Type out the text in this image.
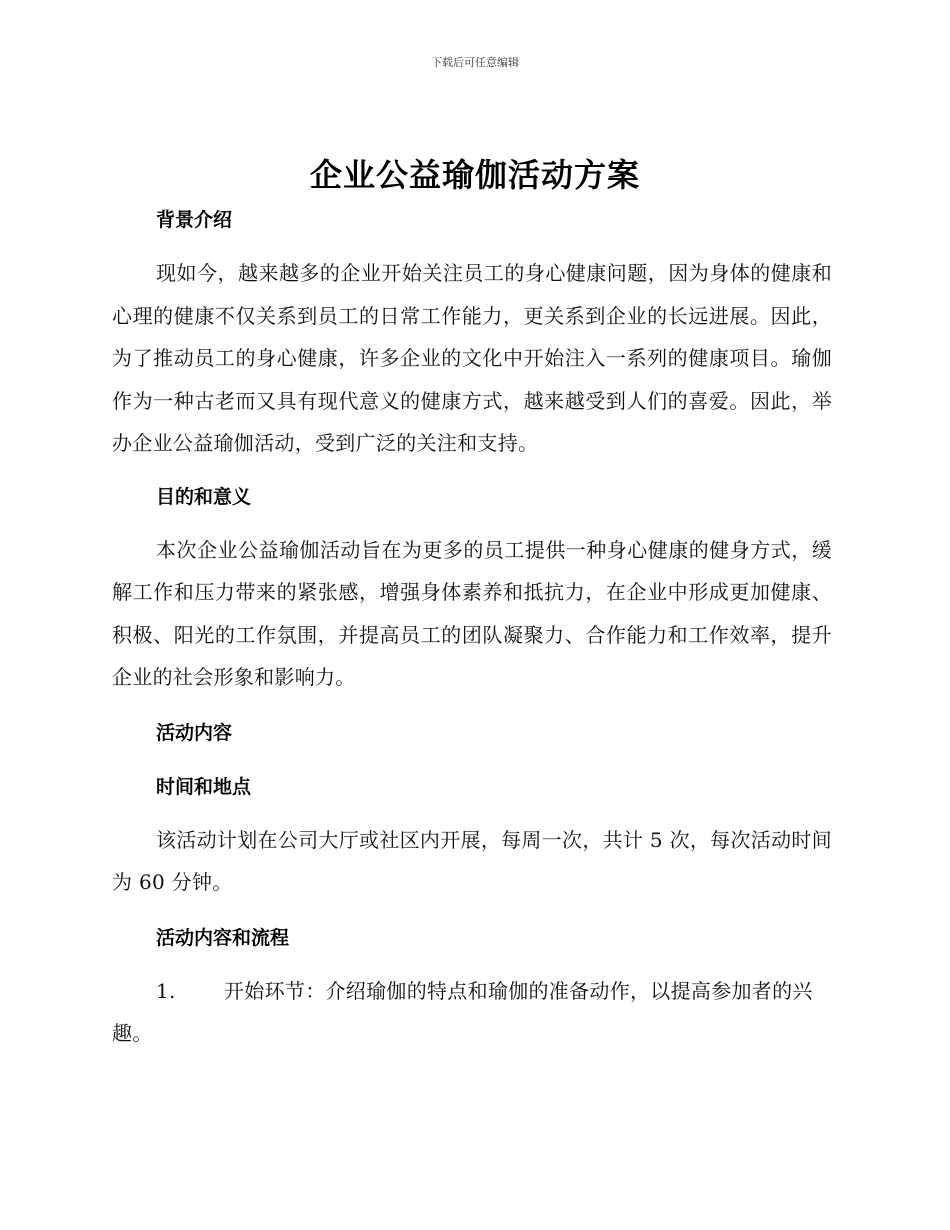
下载后可任意编辑
企业公益瑜伽活动方案

背景介绍

现如今，越来越多的企业开始关注员工的身心健康问题，因为身体的健康和心理的健康不仅关系到员工的日常工作能力，更关系到企业的长远进展。因此，为了推动员工的身心健康，许多企业的文化中开始注入一系列的健康项目。瑜伽作为一种古老而又具有现代意义的健康方式，越来越受到人们的喜爱。因此，举办企业公益瑜伽活动，受到广泛的关注和支持。

目的和意义

本次企业公益瑜伽活动旨在为更多的员工提供一种身心健康的健身方式，缓解工作和压力带来的紧张感，增强身体素养和抵抗力，在企业中形成更加健康、积极、阳光的工作氛围，并提高员工的团队凝聚力、合作能力和工作效率，提升企业的社会形象和影响力。

活动内容

时间和地点

该活动计划在公司大厅或社区内开展，每周一次，共计 5 次，每次活动时间为 60 分钟。

活动内容和流程

1. 开始环节：介绍瑜伽的特点和瑜伽的准备动作，以提高参加者的兴趣。
